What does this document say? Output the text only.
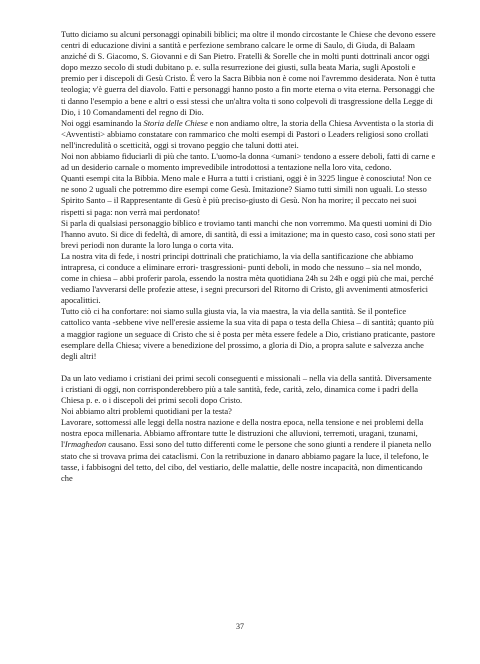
Tutto diciamo su alcuni personaggi opinabili biblici; ma oltre il mondo circostante le Chiese che devono essere centri di educazione divini a santità e perfezione sembrano calcare le orme di Saulo, di Giuda, di Balaam anziché di S. Giacomo, S. Giovanni e di San Pietro. Fratelli & Sorelle che in molti punti dottrinali ancor oggi dopo mezzo secolo di studi dubitano p. e. sulla resurrezione dei giusti, sulla beata Maria, sugli Apostoli e premio per i discepoli di Gesù Cristo. É vero la Sacra Bibbia non è come noi l'avremmo desiderata. Non è tutta teologia; v'è guerra del diavolo. Fatti e personaggi hanno posto a fin morte eterna o vita eterna. Personaggi che ti danno l'esempio a bene e altri o essi stessi che un'altra volta ti sono colpevoli di trasgressione della Legge di Dio, i 10 Comandamenti del regno di Dio.

Noi oggi esaminando la Storia delle Chiese e non andiamo oltre, la storia della Chiesa Avventista o la storia di <Avventisti> abbiamo constatare con rammarico che molti esempi di Pastori o Leaders religiosi sono crollati nell'incredulità o scetticità, oggi si trovano peggio che taluni dotti atei.

Noi non abbiamo fiduciarli di più che tanto. L'uomo-la donna <umani> tendono a essere deboli, fatti di carne e ad un desiderio carnale o momento imprevedibile introdottosi a tentazione nella loro vita, cedono.

Quanti esempi cita la Bibbia. Meno male e Hurra a tutti i cristiani, oggi è in 3225 lingue è conosciuta! Non ce ne sono 2 uguali che potremmo dire esempi come Gesù. Imitazione? Siamo tutti simili non uguali. Lo stesso Spirito Santo – il Rappresentante di Gesù è più preciso-giusto di Gesù. Non ha morire; il peccato nei suoi rispetti si paga: non verrà mai perdonato!

Si parla di qualsiasi personaggio biblico e troviamo tanti manchi che non vorremmo. Ma questi uomini di Dio l'hanno avuto. Si dice di fedeltà, di amore, di santità, di essi a imitazione; ma in questo caso, così sono stati per brevi periodi non durante la loro lunga o corta vita.

La nostra vita di fede, i nostri principi dottrinali che pratichiamo, la via della santificazione che abbiamo intrapresa, ci conduce a eliminare errori- trasgressioni- punti deboli, in modo che nessuno – sia nel mondo, come in chiesa – abbi proferir parola, essendo la nostra mèta quotidiana 24h su 24h e oggi più che mai, perché vediamo l'avverarsi delle profezie attese, i segni precursori del Ritorno di Cristo, gli avvenimenti atmosferici apocalittici.

Tutto ciò ci ha confortare: noi siamo sulla giusta via, la via maestra, la via della santità. Se il pontefice cattolico vanta -sebbene vive nell'eresie assieme la sua vita di papa o testa della Chiesa – di santità; quanto più a maggior ragione un seguace di Cristo che si è posta per mèta essere fedele a Dio, cristiano praticante, pastore esemplare della Chiesa; vivere a benedizione del prossimo, a gloria di Dio, a propra salute e salvezza anche degli altri!

Da un lato vediamo i cristiani dei primi secoli conseguenti e missionali – nella via della santità. Diversamente i cristiani di oggi, non corrisponderebbero più a tale santità, fede, carità, zelo, dinamica come i padri della Chiesa p. e. o i discepoli dei primi secoli dopo Cristo.

Noi abbiamo altri problemi quotidiani per la testa?

Lavorare, sottomessi alle leggi della nostra nazione e della nostra epoca, nella tensione e nei problemi della nostra epoca millenaria. Abbiamo affrontare tutte le distruzioni che alluvioni, terremoti, uragani, tzunami, l'Irmaghedon causano. Essi sono del tutto differenti come le persone che sono giunti a rendere il pianeta nello stato che si trovava prima dei cataclismi. Con la retribuzione in danaro abbiamo pagare la luce, il telefono, le tasse, i fabbisogni del tetto, del cibo, del vestiario, delle malattie, delle nostre incapacità, non dimenticando che

37
